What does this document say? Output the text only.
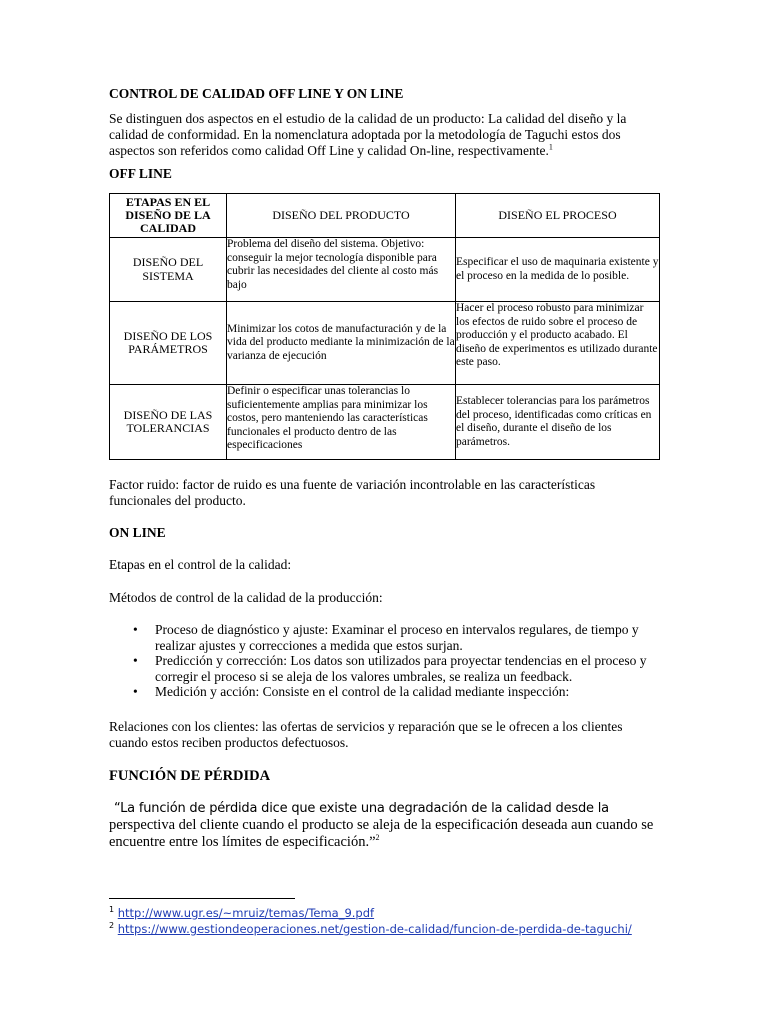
CONTROL DE CALIDAD OFF LINE Y ON LINE
Se distinguen dos aspectos en el estudio de la calidad de un producto: La calidad del diseño y la calidad de conformidad. En la nomenclatura adoptada por la metodología de Taguchi estos dos aspectos son referidos como calidad Off Line y calidad On-line, respectivamente.$^1$
OFF LINE
ETAPAS EN EL DISEÑO DE LA CALIDAD	DISEÑO DEL PRODUCTO	DISEÑO EL PROCESO
DISEÑO DEL SISTEMA	Problema del diseño del sistema. Objetivo: conseguir la mejor tecnología disponible para cubrir las necesidades del cliente al costo más bajo	Especificar el uso de maquinaria existente y el proceso en la medida de lo posible.
DISEÑO DE LOS PARÁMETROS	Minimizar los cotos de manufacturación y de la vida del producto mediante la minimización de la varianza de ejecución	Hacer el proceso robusto para minimizar los efectos de ruido sobre el proceso de producción y el producto acabado. El diseño de experimentos es utilizado durante este paso.
DISEÑO DE LAS TOLERANCIAS	Definir o especificar unas tolerancias lo suficientemente amplias para minimizar los costos, pero manteniendo las características funcionales el producto dentro de las especificaciones	Establecer tolerancias para los parámetros del proceso, identificadas como críticas en el diseño, durante el diseño de los parámetros.
Factor ruido: factor de ruido es una fuente de variación incontrolable en las características funcionales del producto.
ON LINE
Etapas en el control de la calidad:
Métodos de control de la calidad de la producción:
• Proceso de diagnóstico y ajuste: Examinar el proceso en intervalos regulares, de tiempo y realizar ajustes y correcciones a medida que estos surjan.
• Predicción y corrección: Los datos son utilizados para proyectar tendencias en el proceso y corregir el proceso si se aleja de los valores umbrales, se realiza un feedback.
• Medición y acción: Consiste en el control de la calidad mediante inspección:
Relaciones con los clientes: las ofertas de servicios y reparación que se le ofrecen a los clientes cuando estos reciben productos defectuosos.
FUNCIÓN DE PÉRDIDA
“La función de pérdida dice que existe una degradación de la calidad desde la
perspectiva del cliente cuando el producto se aleja de la especificación deseada aun cuando se encuentre entre los límites de especificación.”$^2$
$^1$ http://www.ugr.es/~mruiz/temas/Tema_9.pdf
$^2$ https://www.gestiondeoperaciones.net/gestion-de-calidad/funcion-de-perdida-de-taguchi/
